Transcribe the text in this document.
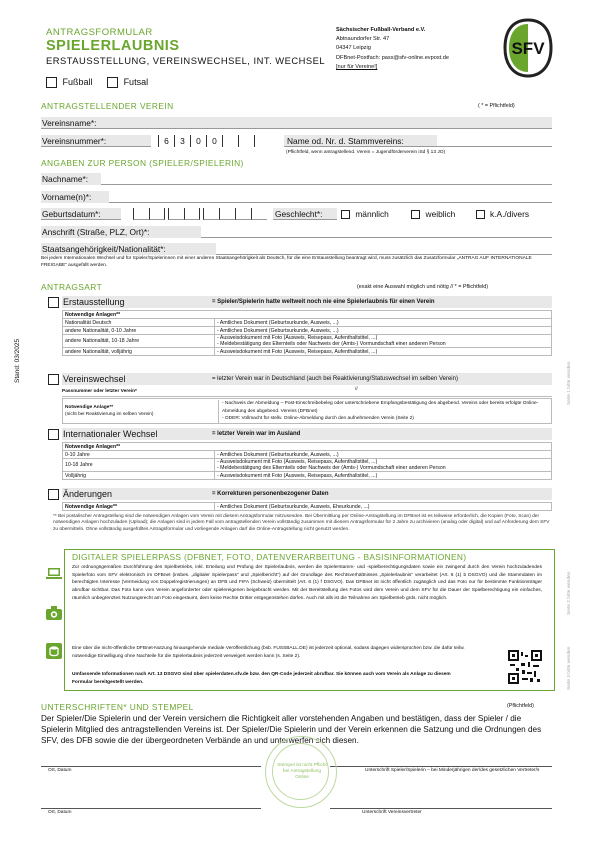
ANTRAGSFORMULAR
SPIELERLAUBNIS
ERSTAUSSTELLUNG, VEREINSWECHSEL, INT. WECHSEL
Fußball	Futsal
Sächsischer Fußball-Verband e.V.
Abtnaundorfer Str. 47
04347 Leipzig
DFBnet-Postfach: pass@sfv-online.evpost.de
[nur für Vereine!]
SFV
Stand: 03/2025
Seite 1 bitte wenden
Seite 2 bitte wenden
Seite 3 bitte wenden
ANTRAGSTELLENDER VEREIN	( * = Pflichtfeld)
Vereinsname*:
Vereinsnummer*:	6	3	0	0	Name od. Nr. d. Stammvereins:
(Pflichtfeld, wenn antragstellend. Verein = Jugendförderverein iSd § 13 JO)
ANGABEN ZUR PERSON (SPIELER/SPIELERIN)
Nachname*:
Vorname(n)*:
Geburtsdatum*:	Geschlecht*:	männlich	weiblich	k.A./divers
Anschrift (Straße, PLZ, Ort)*:
Staatsangehörigkeit/Nationalität*:
Bei jedem Internationalen Wechsel und für Spieler/Spielerinnen mit einer anderen Staatsangehörigkeit als Deutsch, für die eine Erstausstellung beantragt wird, muss zusätzlich das Zusatzformular „ANTRAG AUF INTERNATIONALE FREIGABE“ ausgefüllt werden.
ANTRAGSART	(exakt eine Auswahl möglich und nötig // * = Pflichtfeld)
Erstausstellung	= Spieler/Spielerin hatte weltweit noch nie eine Spielerlaubnis für einen Verein
Notwendige Anlagen**	
Nationalität Deutsch	- Amtliches Dokument (Geburtsurkunde, Ausweis, ...)
andere Nationalität, 0-10 Jahre	- Amtliches Dokument (Geburtsurkunde, Ausweis, ...)
andere Nationalität, 10-18 Jahre	- Ausweisdokument mit Foto (Ausweis, Reisepass, Aufenthaltstitel, ...)
- Meldebestätigung des Elternteils oder Nachweis der (Amts-) Vormundschaft einer anderen Person
andere Nationalität, volljährig	- Ausweisdokument mit Foto (Ausweis, Reisepass, Aufenthaltstitel, ...)
Vereinswechsel	= letzter Verein war in Deutschland (auch bei Reaktivierung/Statuswechsel im selben Verein)
Passnummer oder letzter Verein*	//
Notwendige Anlage**
(nicht bei Reaktivierung im selben Verein)
- Nachweis der Abmeldung – Post-Einschreibebeleg oder unterschriebene Empfangsbestätigung des abgebend. Vereins oder bereits erfolgte Online-Abmeldung des abgebend. Vereins (DFBnet)
- ODER: Vollmacht für stellv. Online-Abmeldung durch den aufnehmenden Verein (Seite 2)
Internationaler Wechsel	= letzter Verein war im Ausland
Notwendige Anlagen**	
0-10 Jahre	- Amtliches Dokument (Geburtsurkunde, Ausweis, ...)
10-18 Jahre	- Ausweisdokument mit Foto (Ausweis, Reisepass, Aufenthaltstitel, ...)
- Meldebestätigung des Elternteils oder Nachweis der (Amts-) Vormundschaft einer anderen Person
Volljährig	- Ausweisdokument mit Foto (Ausweis, Reisepass, Aufenthaltstitel, ...)
Änderungen	= Korrekturen personenbezogener Daten
Notwendige Anlage**	- Amtliches Dokument (Geburtsurkunde, Ausweis, Eheurkunde, ...)
** Bei postalischer Antragstellung sind die notwendigen Anlagen vom Verein mit diesem Antragsformular mitzusenden. Bei Übermittlung per Online-Antragstellung im DFBnet ist es teilweise erforderlich, die Kopien (Foto, Scan) der notwendigen Anlagen hochzuladen (Upload); die Anlagen sind in jedem Fall vom antragstellenden Verein vollständig zusammen mit diesem Antragsformular für 2 Jahre zu archivieren (analog oder digital) und auf Anforderung dem SFV zu übermitteln. Ohne vollständig ausgefülltes Antragsformular und vorliegende Anlagen darf die Online-Antragstellung nicht genutzt werden.
DIGITALER SPIELERPASS (DFBNET, FOTO, DATENVERARBEITUNG - BASISINFORMATIONEN)
Zur ordnungsgemäßen Durchführung des Spielbetriebs, inkl. Erteilung und Prüfung der Spielerlaubnis, werden die Spielerstamm- und -spielberechtigungsdaten sowie ein zwingend durch den Verein hochzuladendes Spielerfoto vom SFV elektronisch im DFBnet (insbes. „digitaler Spielerpass“ und „Spielbericht“) auf der Grundlage des Rechtsverhältnisses „Spielerlaubnis“ verarbeitet (Art. 6 (1) b DSGVO) und die Stammdaten im berechtigten Interesse (Vermeidung von Doppelregistrierungen) an DFB und FIFA (Schweiz) übermittelt (Art. 6 (1) f DSGVO). Das DFBnet ist nicht öffentlich zugänglich und das Foto nur für bestimmte Funktionsträger abrufbar sichtbar. Das Foto kann vom Verein angeforderter oder spielereigenen beigebracht werden. Mit der Bereitstellung des Fotos wird dem Verein und dem SFV für die Dauer der Spielberechtigung ein einfaches, räumlich unbegrenztes Nutzungsrecht am Foto eingeräumt, dem keine Rechte Dritter entgegenstehen dürfen. Auch mit alls ist die Teilnahme am Spielbetrieb grds. nicht möglich.
Eine über die nicht-öffentliche DFBnet-Nutzung hinausgehende mediale Veröffentlichung (bsb. FUSSBALL.DE) ist jederzeit optional, sodass dagegen widersprochen bzw. die dafür teilw. notwendige Einwilligung ohne Nachteile für die Spielerlaubnis jederzeit verweigert werden kann (s. Seite 2).
Umfassende Informationen nach Art. 13 DSGVO sind über spielerdaten.sfv.de bzw. den QR-Code jederzeit abrufbar. Sie können auch vom Verein als Anlage zu diesem Formular bereitgestellt werden.
UNTERSCHRIFTEN* UND STEMPEL	(Pflichtfeld)
Der Spieler/Die Spielerin und der Verein versichern die Richtigkeit aller vorstehenden Angaben und bestätigen, dass der Spieler / die Spielerin Mitglied des antragstellenden Vereins ist. Der Spieler/Die Spielerin und der Verein erkennen die Satzung und die Ordnungen des SFV, des DFB sowie die der übergeordneten Verbände an und unterwerfen sich diesen.
Ort, Datum	Unterschrift Spieler/Spielerin – bei Minderjährigen der/des gesetzlichen Vertreter/s
Stempel ist nicht Pflicht bei Antragstellung Online
Ort, Datum	Unterschrift Vereinsvertreter
